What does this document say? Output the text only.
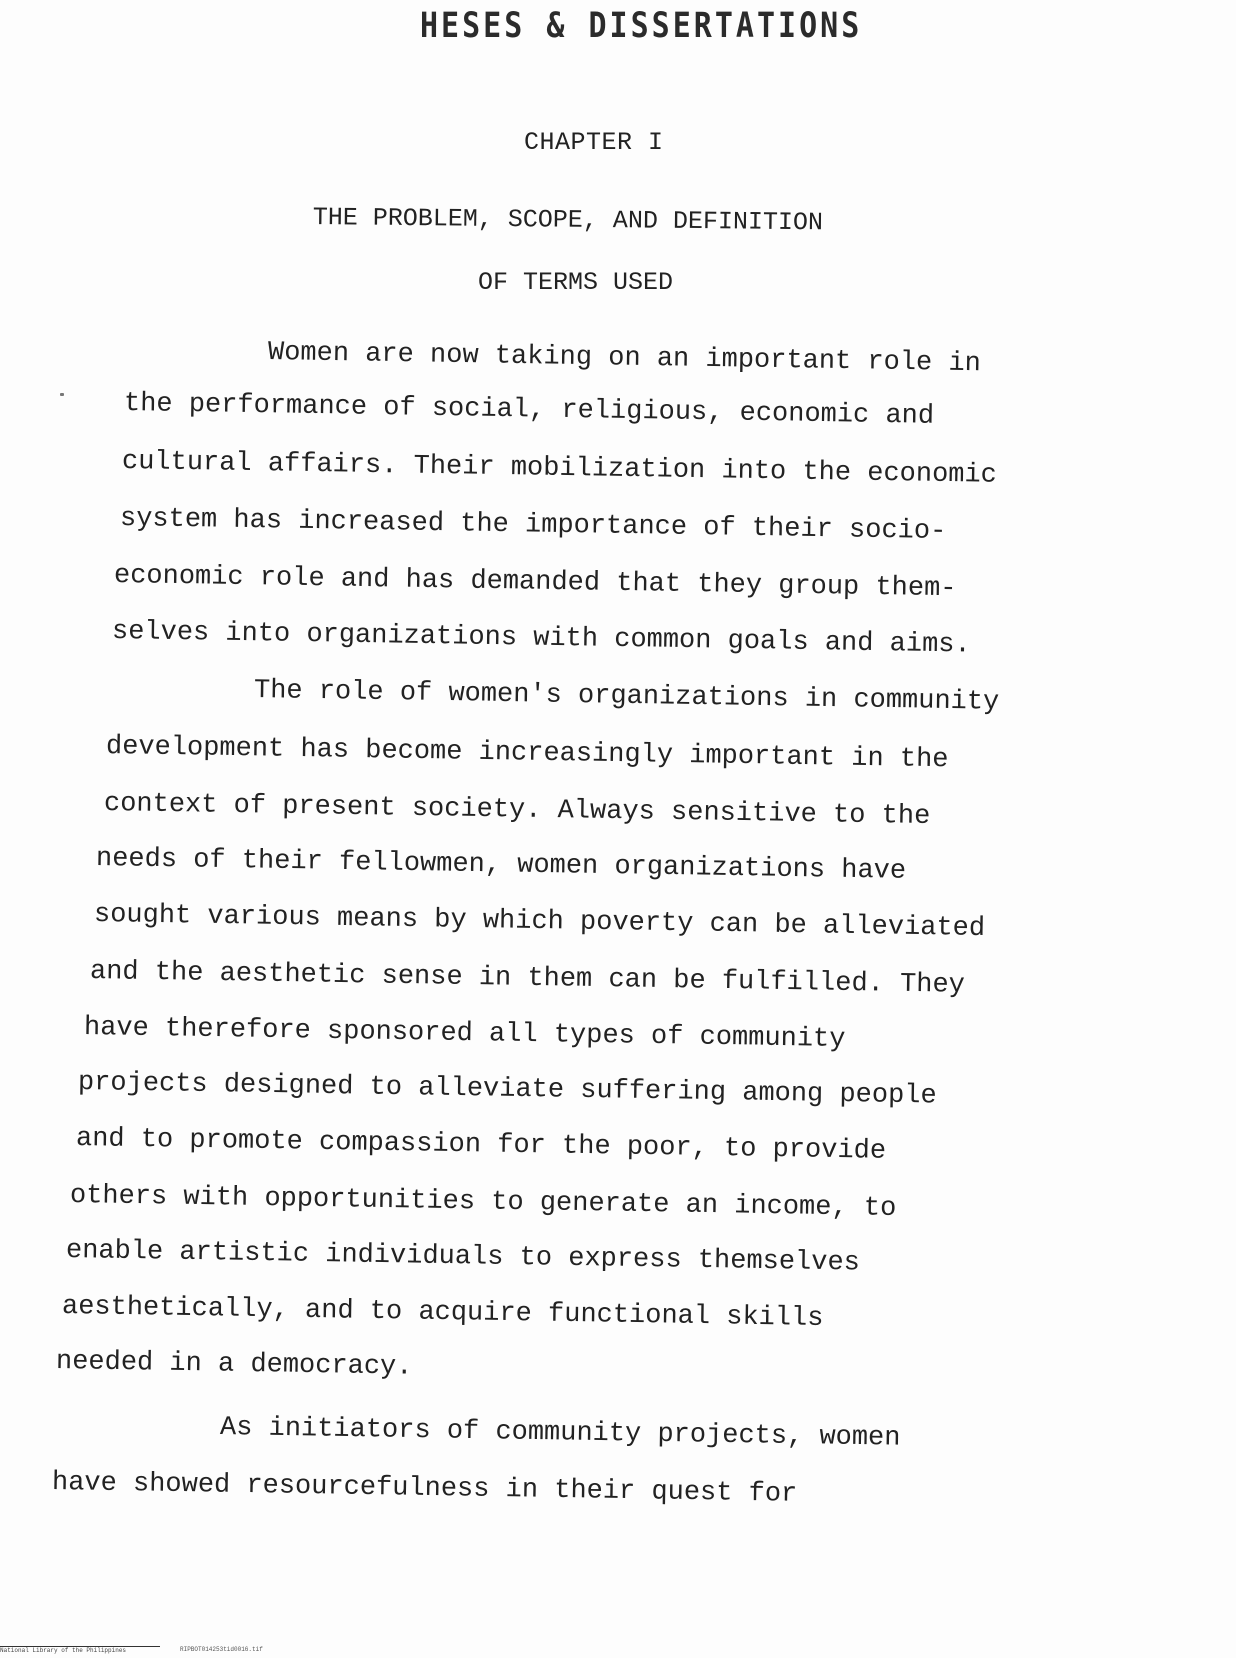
HESES & DISSERTATIONS
CHAPTER I
THE PROBLEM, SCOPE, AND DEFINITION
OF TERMS USED
Women are now taking on an important role in
the performance of social, religious, economic and
cultural affairs. Their mobilization into the economic
system has increased the importance of their socio-
economic role and has demanded that they group them-
selves into organizations with common goals and aims.
The role of women's organizations in community
development has become increasingly important in the
context of present society. Always sensitive to the
needs of their fellowmen, women organizations have
sought various means by which poverty can be alleviated
and the aesthetic sense in them can be fulfilled. They
have therefore sponsored all types of community
projects designed to alleviate suffering among people
and to promote compassion for the poor, to provide
others with opportunities to generate an income, to
enable artistic individuals to express themselves
aesthetically, and to acquire functional skills
needed in a democracy.
As initiators of community projects, women
have showed resourcefulness in their quest for
National Library of the Philippines	RIPBOT014253tid0016.tif
